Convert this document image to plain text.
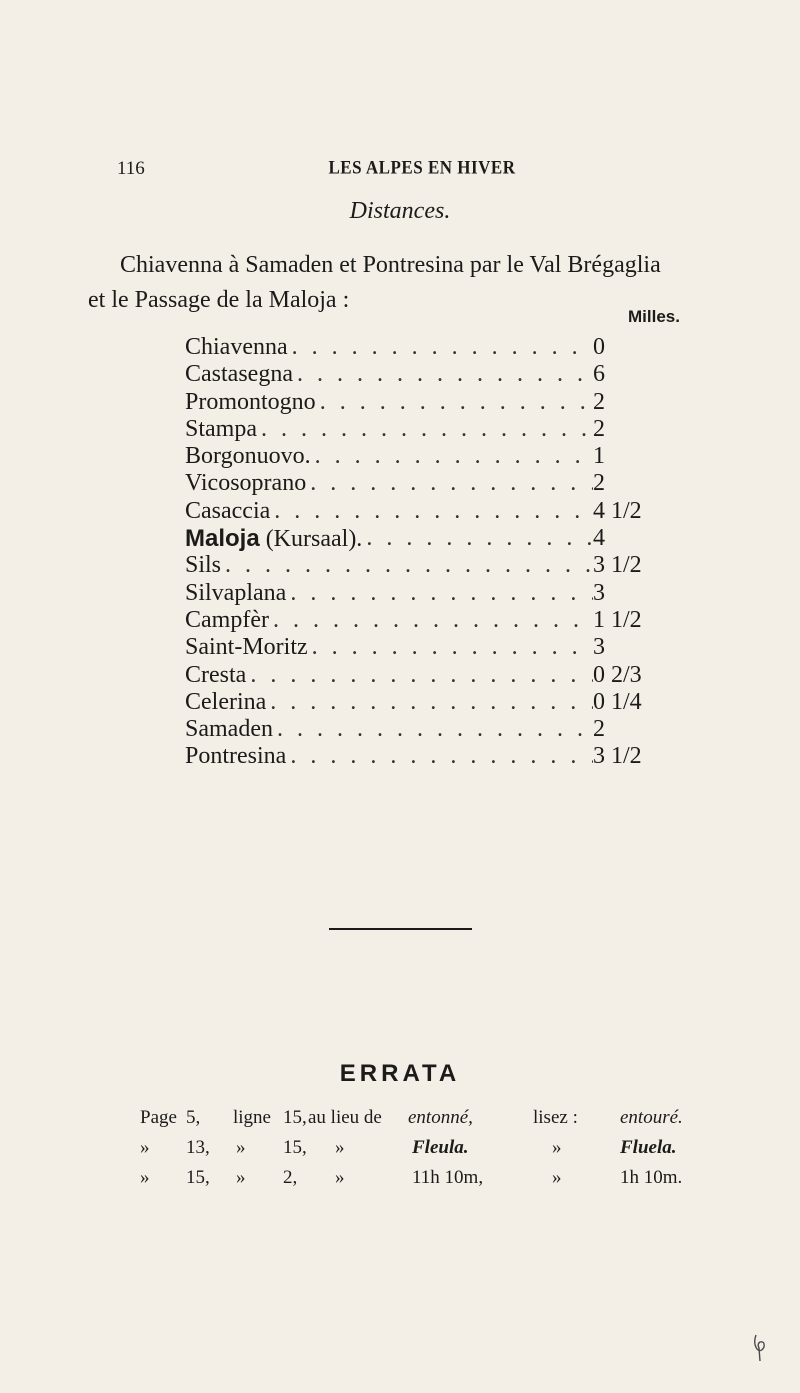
116	LES ALPES EN HIVER
Distances.
Chiavenna à Samaden et Pontresina par le Val Brégaglia
et le Passage de la Maloja :
Milles.
Chiavenna . . .	0
Castasegna . . .	6
Promontogno . . .	2
Stampa . . .	2
Borgonuovo. . . .	1
Vicosoprano . . .	2
Casaccia . . .	4 1/2
Maloja (Kursaal). . . .	4
Sils . . .	3 1/2
Silvaplana . . .	3
Campfèr . . .	1 1/2
Saint-Moritz . . .	3
Cresta . . .	0 2/3
Celerina . . .	0 1/4
Samaden . . .	2
Pontresina . . .	3 1/2
ERRATA
Page 5, ligne 15, au lieu de entonné,	lisez : entouré.
» 13, » 15, »	Fleula.	»	Fluela.
» 15, » 2, »	11h 10m,	»	1h 10m.
